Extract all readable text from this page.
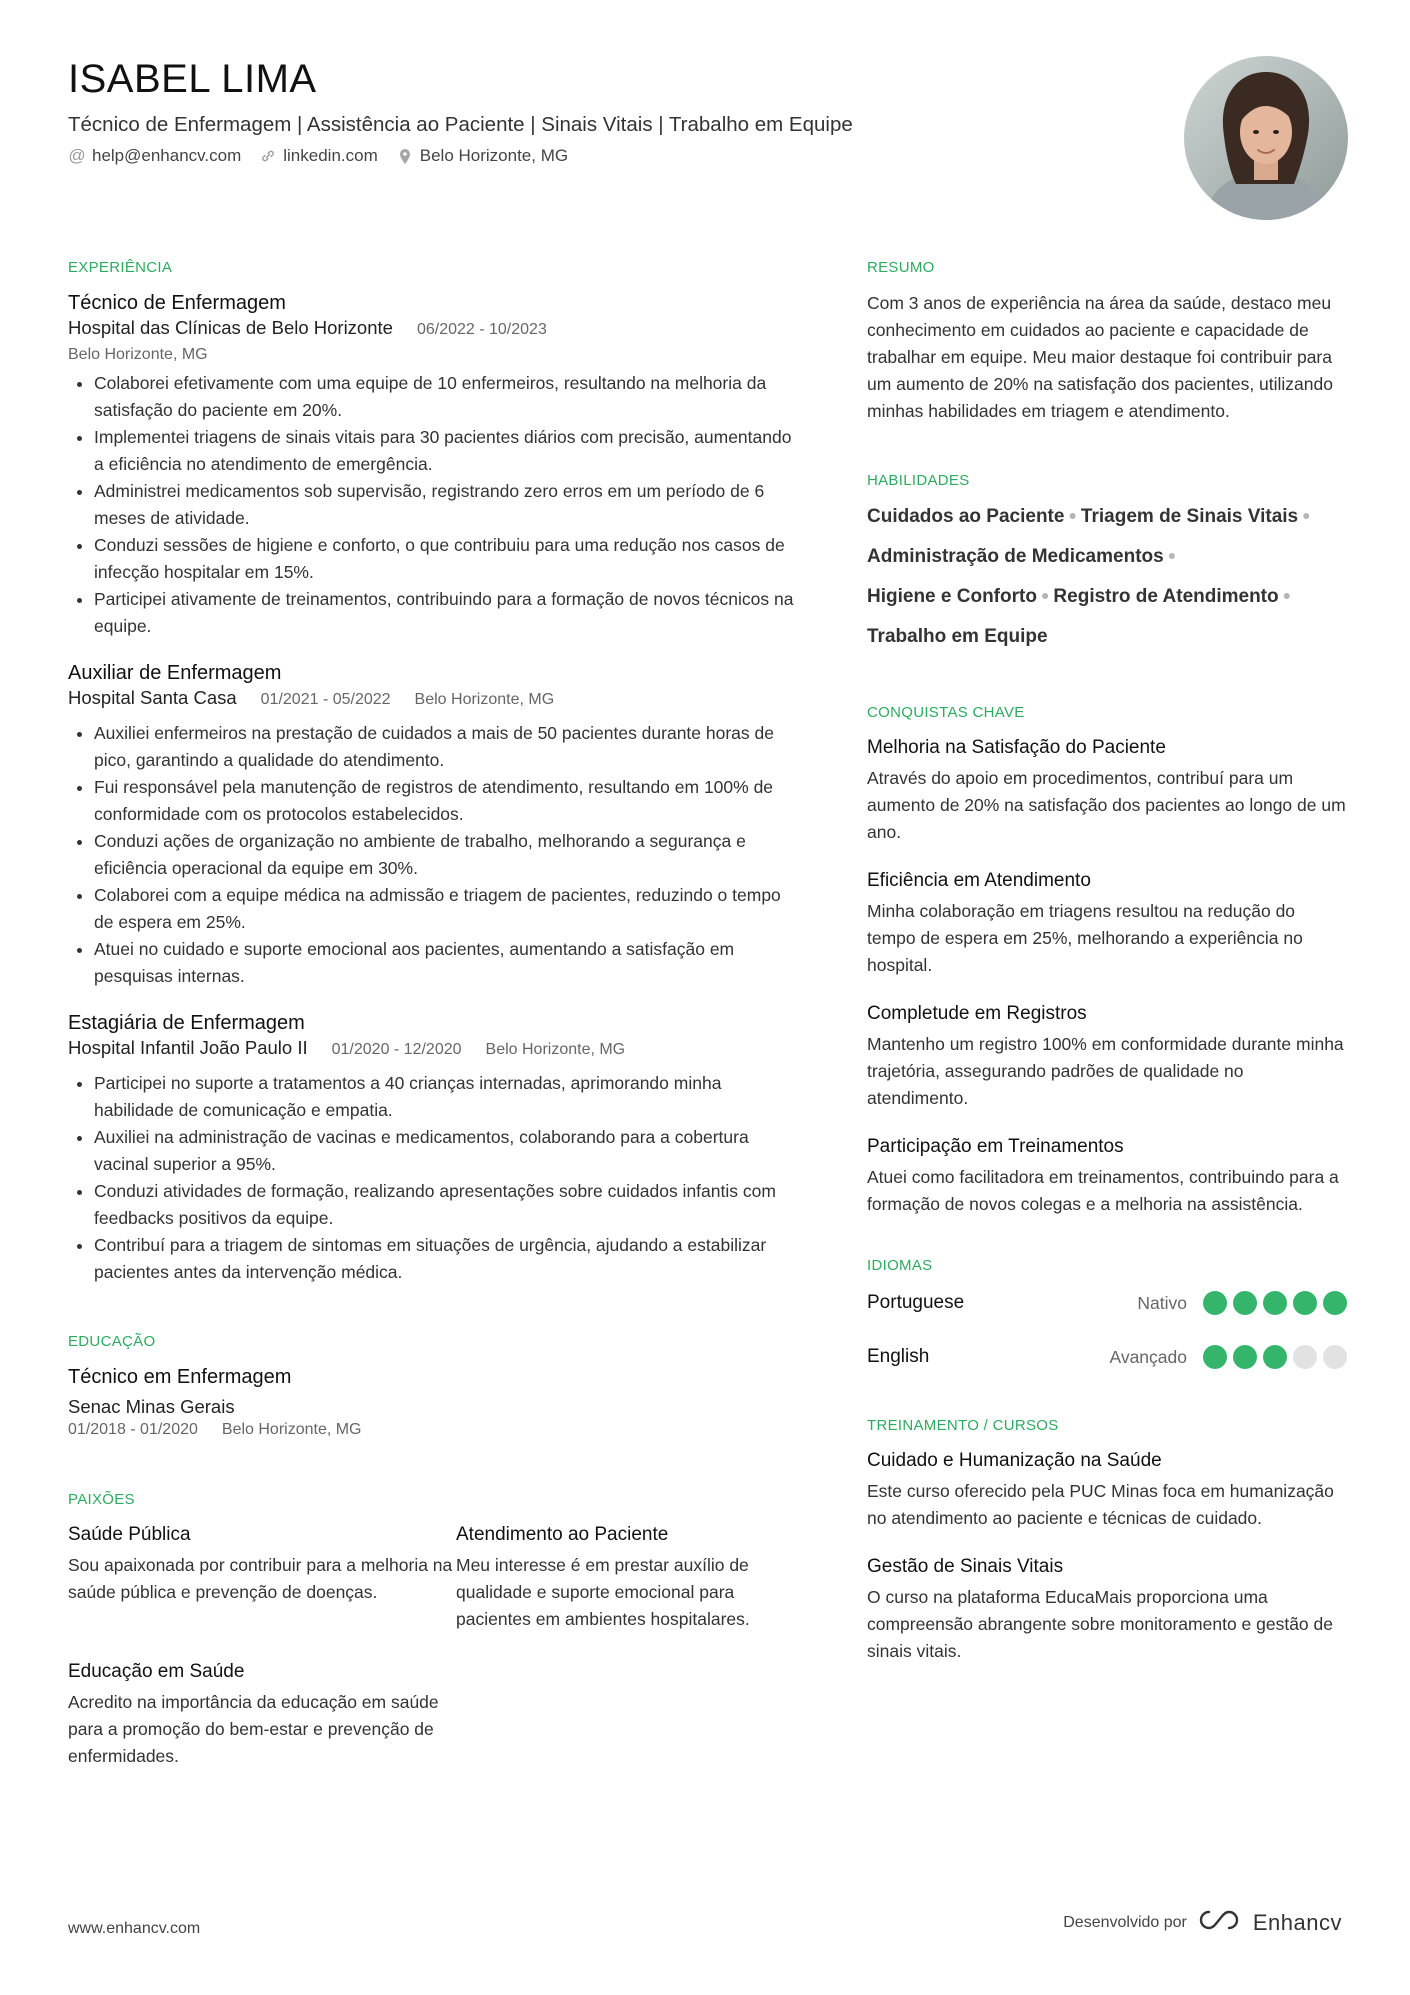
ISABEL LIMA
Técnico de Enfermagem | Assistência ao Paciente | Sinais Vitais | Trabalho em Equipe
@ help@enhancv.com linkedin.com Belo Horizonte, MG
EXPERIÊNCIA
Técnico de Enfermagem
Hospital das Clínicas de Belo Horizonte 06/2022 - 10/2023
Belo Horizonte, MG
• Colaborei efetivamente com uma equipe de 10 enfermeiros, resultando na melhoria da satisfação do paciente em 20%.
• Implementei triagens de sinais vitais para 30 pacientes diários com precisão, aumentando a eficiência no atendimento de emergência.
• Administrei medicamentos sob supervisão, registrando zero erros em um período de 6 meses de atividade.
• Conduzi sessões de higiene e conforto, o que contribuiu para uma redução nos casos de infecção hospitalar em 15%.
• Participei ativamente de treinamentos, contribuindo para a formação de novos técnicos na equipe.
Auxiliar de Enfermagem
Hospital Santa Casa 01/2021 - 05/2022 Belo Horizonte, MG
• Auxiliei enfermeiros na prestação de cuidados a mais de 50 pacientes durante horas de pico, garantindo a qualidade do atendimento.
• Fui responsável pela manutenção de registros de atendimento, resultando em 100% de conformidade com os protocolos estabelecidos.
• Conduzi ações de organização no ambiente de trabalho, melhorando a segurança e eficiência operacional da equipe em 30%.
• Colaborei com a equipe médica na admissão e triagem de pacientes, reduzindo o tempo de espera em 25%.
• Atuei no cuidado e suporte emocional aos pacientes, aumentando a satisfação em pesquisas internas.
Estagiária de Enfermagem
Hospital Infantil João Paulo II 01/2020 - 12/2020 Belo Horizonte, MG
• Participei no suporte a tratamentos a 40 crianças internadas, aprimorando minha habilidade de comunicação e empatia.
• Auxiliei na administração de vacinas e medicamentos, colaborando para a cobertura vacinal superior a 95%.
• Conduzi atividades de formação, realizando apresentações sobre cuidados infantis com feedbacks positivos da equipe.
• Contribuí para a triagem de sintomas em situações de urgência, ajudando a estabilizar pacientes antes da intervenção médica.
EDUCAÇÃO
Técnico em Enfermagem
Senac Minas Gerais
01/2018 - 01/2020 Belo Horizonte, MG
PAIXÕES
Saúde Pública
Sou apaixonada por contribuir para a melhoria na saúde pública e prevenção de doenças.
Atendimento ao Paciente
Meu interesse é em prestar auxílio de qualidade e suporte emocional para pacientes em ambientes hospitalares.
Educação em Saúde
Acredito na importância da educação em saúde para a promoção do bem-estar e prevenção de enfermidades.
RESUMO
Com 3 anos de experiência na área da saúde, destaco meu conhecimento em cuidados ao paciente e capacidade de trabalhar em equipe. Meu maior destaque foi contribuir para um aumento de 20% na satisfação dos pacientes, utilizando minhas habilidades em triagem e atendimento.
HABILIDADES
Cuidados ao Paciente ● Triagem de Sinais Vitais ●
Administração de Medicamentos ●
Higiene e Conforto ● Registro de Atendimento ●
Trabalho em Equipe
CONQUISTAS CHAVE
Melhoria na Satisfação do Paciente
Através do apoio em procedimentos, contribuí para um aumento de 20% na satisfação dos pacientes ao longo de um ano.
Eficiência em Atendimento
Minha colaboração em triagens resultou na redução do tempo de espera em 25%, melhorando a experiência no hospital.
Completude em Registros
Mantenho um registro 100% em conformidade durante minha trajetória, assegurando padrões de qualidade no atendimento.
Participação em Treinamentos
Atuei como facilitadora em treinamentos, contribuindo para a formação de novos colegas e a melhoria na assistência.
IDIOMAS
Portuguese	Nativo
English	Avançado
TREINAMENTO / CURSOS
Cuidado e Humanização na Saúde
Este curso oferecido pela PUC Minas foca em humanização no atendimento ao paciente e técnicas de cuidado.
Gestão de Sinais Vitais
O curso na plataforma EducaMais proporciona uma compreensão abrangente sobre monitoramento e gestão de sinais vitais.
www.enhancv.com	Desenvolvido por	Enhancv
